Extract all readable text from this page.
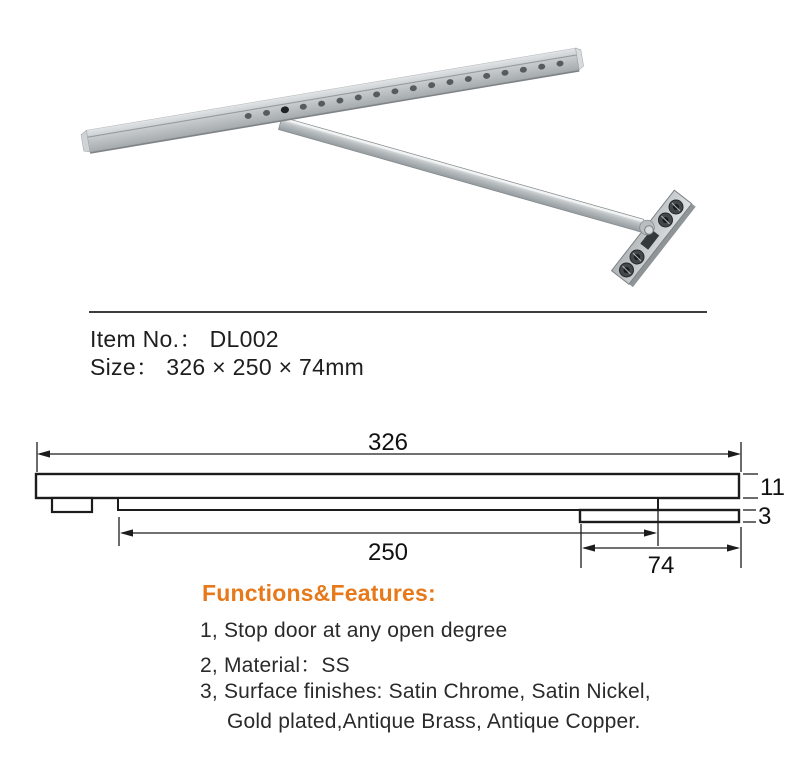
Item No.： DL002
Size： 326 × 250 × 74mm
326
11
3
250	74
Functions&Features:
1, Stop door at any open degree
2, Material：SS
3, Surface finishes: Satin Chrome, Satin Nickel,
Gold plated,Antique Brass, Antique Copper.
